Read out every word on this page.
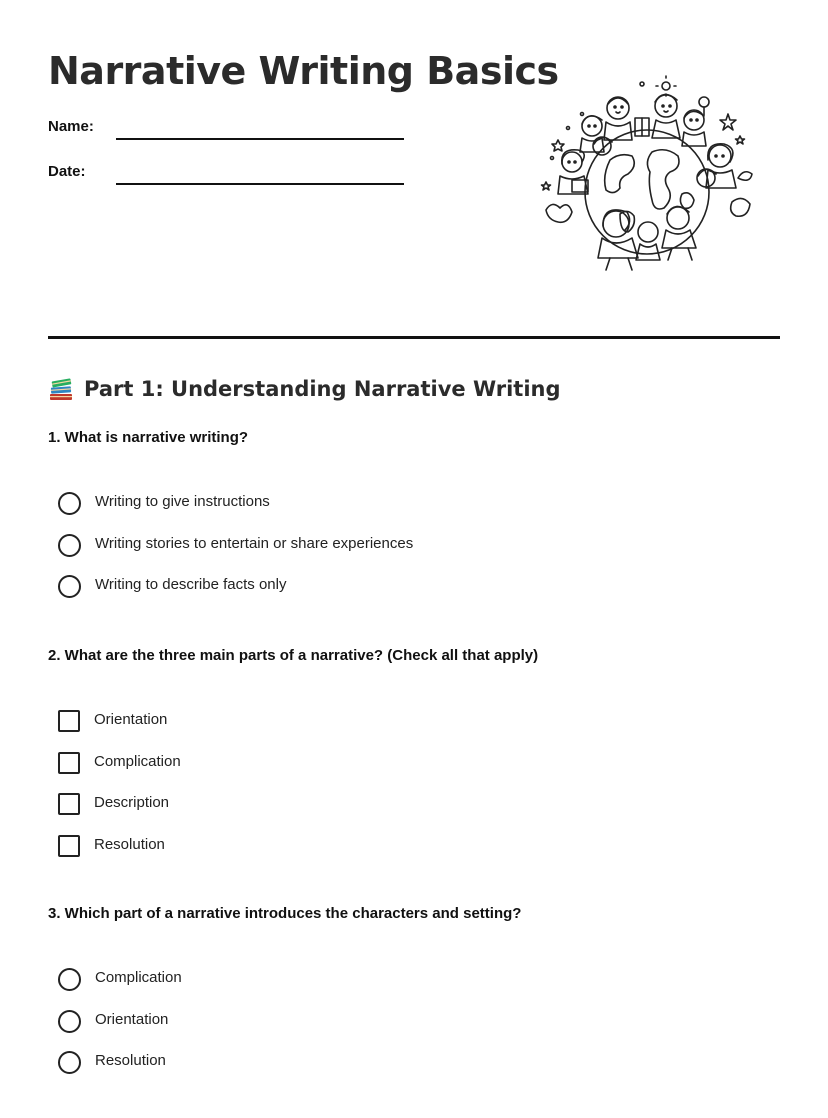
Narrative Writing Basics
Name:
Date:
Part 1: Understanding Narrative Writing

1. What is narrative writing?

Writing to give instructions
Writing stories to entertain or share experiences
Writing to describe facts only

2. What are the three main parts of a narrative? (Check all that apply)

Orientation
Complication
Description
Resolution

3. Which part of a narrative introduces the characters and setting?

Complication
Orientation
Resolution
